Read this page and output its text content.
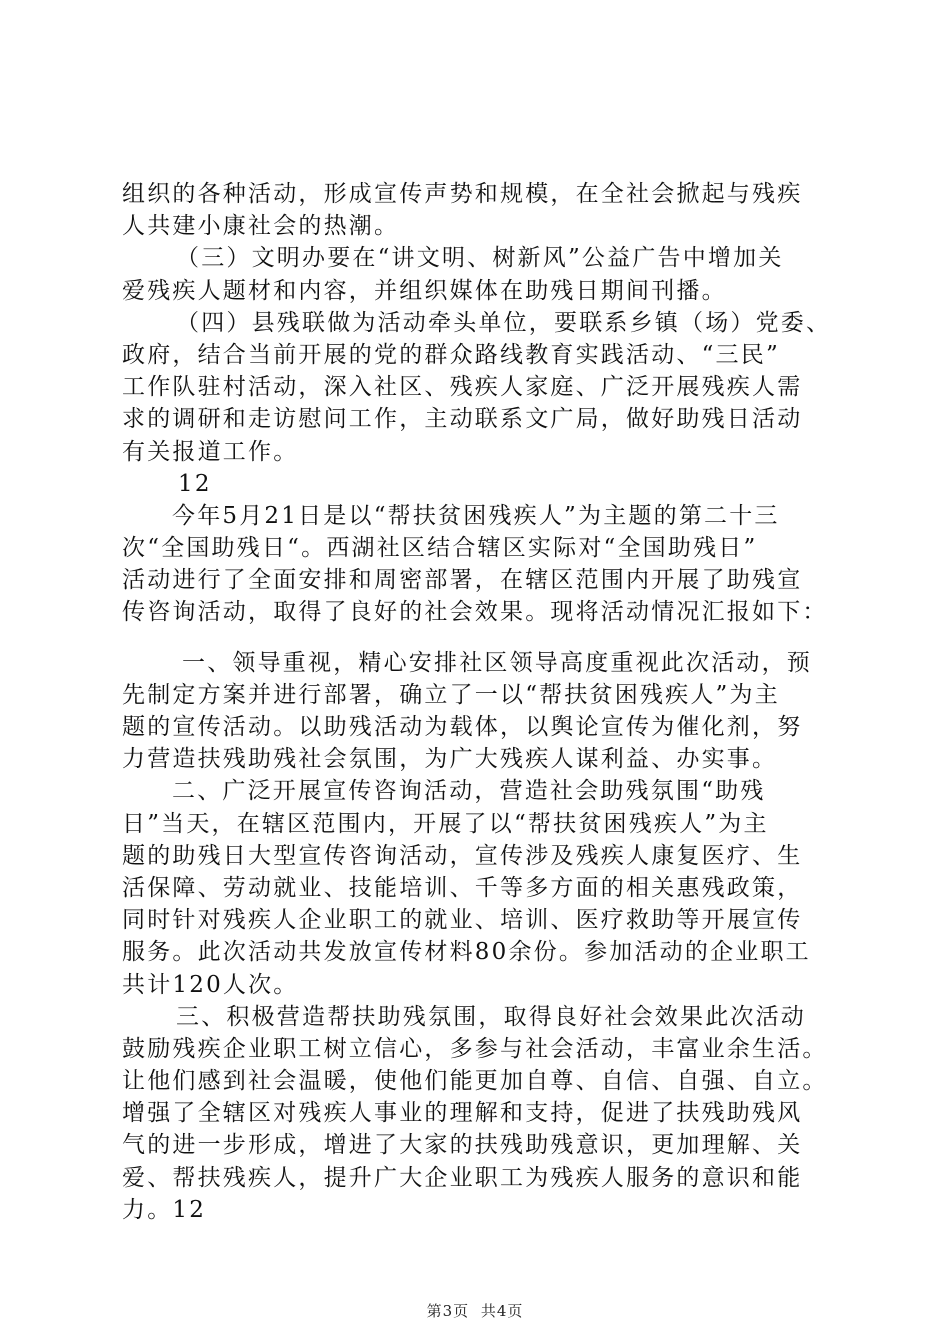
组织的各种活动，形成宣传声势和规模，在全社会掀起与残疾
人共建小康社会的热潮。
（三）文明办要在“讲文明、树新风”公益广告中增加关
爱残疾人题材和内容，并组织媒体在助残日期间刊播。
（四）县残联做为活动牵头单位，要联系乡镇（场）党委、
政府，结合当前开展的党的群众路线教育实践活动、“三民”
工作队驻村活动，深入社区、残疾人家庭、广泛开展残疾人需
求的调研和走访慰问工作，主动联系文广局，做好助残日活动
有关报道工作。
12
今年5月21日是以“帮扶贫困残疾人”为主题的第二十三
次“全国助残日“。西湖社区结合辖区实际对“全国助残日”
活动进行了全面安排和周密部署，在辖区范围内开展了助残宣
传咨询活动，取得了良好的社会效果。现将活动情况汇报如下：
一、领导重视，精心安排社区领导高度重视此次活动，预
先制定方案并进行部署，确立了一以“帮扶贫困残疾人”为主
题的宣传活动。以助残活动为载体，以舆论宣传为催化剂，努
力营造扶残助残社会氛围，为广大残疾人谋利益、办实事。
二、广泛开展宣传咨询活动，营造社会助残氛围“助残
日”当天，在辖区范围内，开展了以“帮扶贫困残疾人”为主
题的助残日大型宣传咨询活动，宣传涉及残疾人康复医疗、生
活保障、劳动就业、技能培训、千等多方面的相关惠残政策，
同时针对残疾人企业职工的就业、培训、医疗救助等开展宣传
服务。此次活动共发放宣传材料80余份。参加活动的企业职工
共计120人次。
三、积极营造帮扶助残氛围，取得良好社会效果此次活动
鼓励残疾企业职工树立信心，多参与社会活动，丰富业余生活。
让他们感到社会温暖，使他们能更加自尊、自信、自强、自立。
增强了全辖区对残疾人事业的理解和支持，促进了扶残助残风
气的进一步形成，增进了大家的扶残助残意识，更加理解、关
爱、帮扶残疾人，提升广大企业职工为残疾人服务的意识和能
力。12
第3页 共4页
